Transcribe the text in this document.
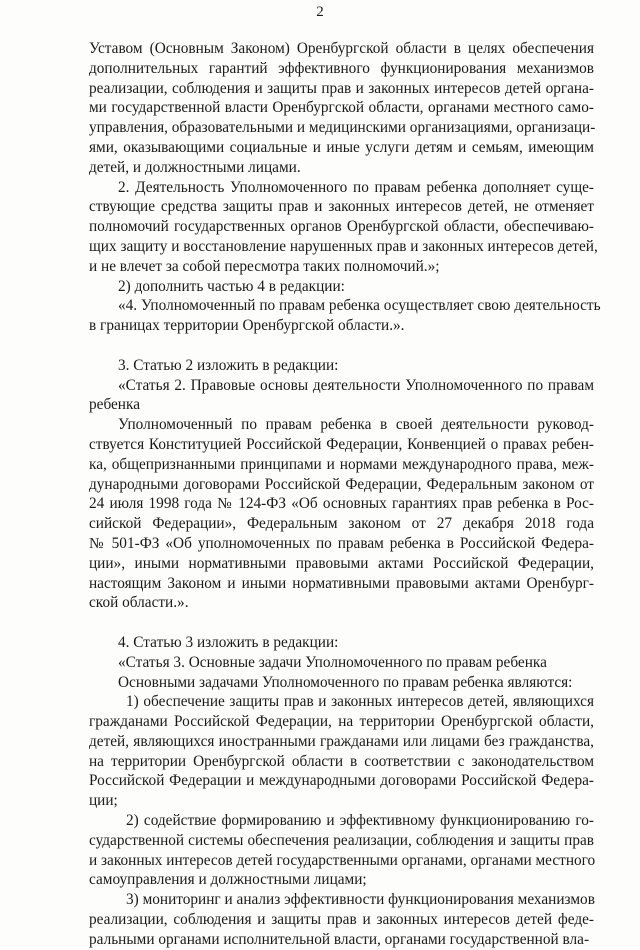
2
Уставом (Основным Законом) Оренбургской области в целях обеспечения
дополнительных гарантий эффективного функционирования механизмов
реализации, соблюдения и защиты прав и законных интересов детей органа-
ми государственной власти Оренбургской области, органами местного само-
управления, образовательными и медицинскими организациями, организаци-
ями, оказывающими социальные и иные услуги детям и семьям, имеющим
детей, и должностными лицами.
2. Деятельность Уполномоченного по правам ребенка дополняет суще-
ствующие средства защиты прав и законных интересов детей, не отменяет
полномочий государственных органов Оренбургской области, обеспечиваю-
щих защиту и восстановление нарушенных прав и законных интересов детей,
и не влечет за собой пересмотра таких полномочий.»;
2) дополнить частью 4 в редакции:
«4. Уполномоченный по правам ребенка осуществляет свою деятельность
в границах территории Оренбургской области.».
3. Статью 2 изложить в редакции:
«Статья 2. Правовые основы деятельности Уполномоченного по правам
ребенка
Уполномоченный по правам ребенка в своей деятельности руковод-
ствуется Конституцией Российской Федерации, Конвенцией о правах ребен-
ка, общепризнанными принципами и нормами международного права, меж-
дународными договорами Российской Федерации, Федеральным законом от
24 июля 1998 года № 124-ФЗ «Об основных гарантиях прав ребенка в Рос-
сийской Федерации», Федеральным законом от 27 декабря 2018 года
№ 501-ФЗ «Об уполномоченных по правам ребенка в Российской Федера-
ции», иными нормативными правовыми актами Российской Федерации,
настоящим Законом и иными нормативными правовыми актами Оренбург-
ской области.».
4. Статью 3 изложить в редакции:
«Статья 3. Основные задачи Уполномоченного по правам ребенка
Основными задачами Уполномоченного по правам ребенка являются:
1) обеспечение защиты прав и законных интересов детей, являющихся
гражданами Российской Федерации, на территории Оренбургской области,
детей, являющихся иностранными гражданами или лицами без гражданства,
на территории Оренбургской области в соответствии с законодательством
Российской Федерации и международными договорами Российской Федера-
ции;
2) содействие формированию и эффективному функционированию го-
сударственной системы обеспечения реализации, соблюдения и защиты прав
и законных интересов детей государственными органами, органами местного
самоуправления и должностными лицами;
3) мониторинг и анализ эффективности функционирования механизмов
реализации, соблюдения и защиты прав и законных интересов детей феде-
ральными органами исполнительной власти, органами государственной вла-
